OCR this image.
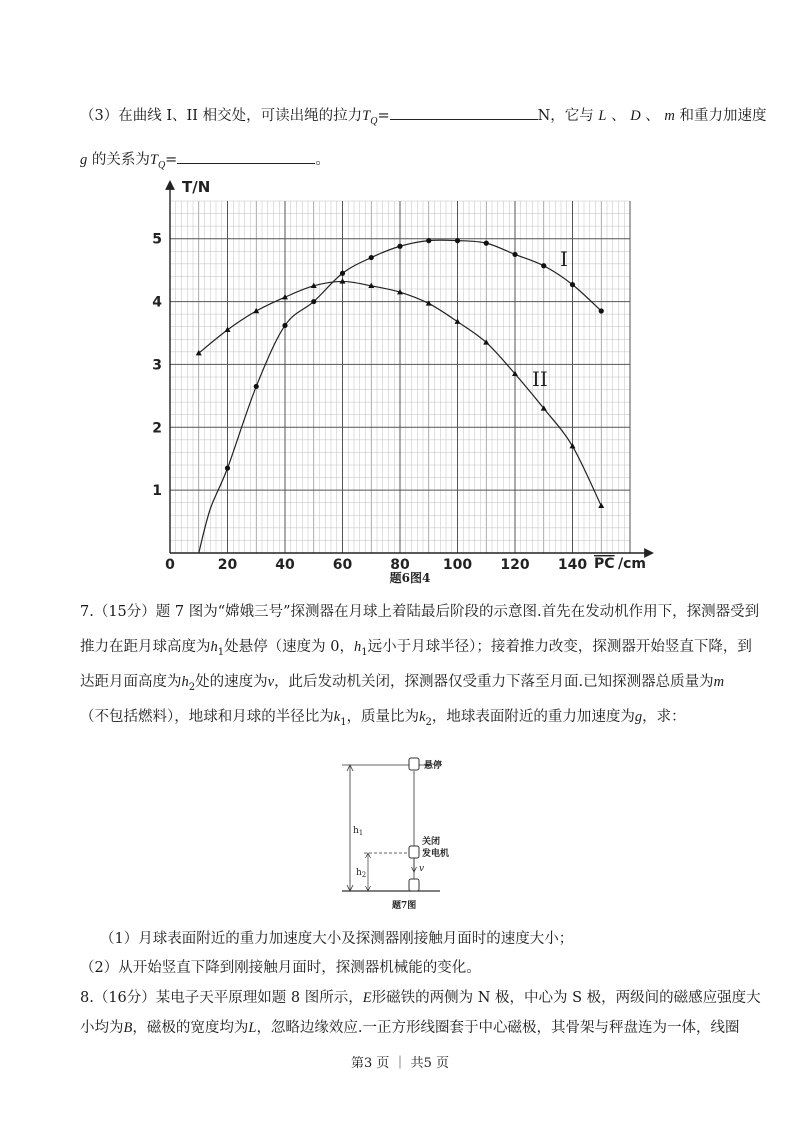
（3）在曲线 I、II 相交处，可读出绳的拉力$T_Q=$	N，它与 L 、 D 、 m 和重力加速度
g 的关系为$T_Q=$	。
0	20	40	60	80 100 120 140
1
2
3
4
5
T/N
PC /cm
题6图4
I
II
7.（15分）题 7 图为“嫦娥三号”探测器在月球上着陆最后阶段的示意图.首先在发动机作用下，探测器受到
推力在距月球高度为$h_1$处悬停（速度为 0，$h_1$远小于月球半径）；接着推力改变，探测器开始竖直下降，到
达距月面高度为$h_2$处的速度为v，此后发动机关闭，探测器仅受重力下落至月面.已知探测器总质量为m
（不包括燃料），地球和月球的半径比为$k_1$，质量比为$k_2$，地球表面附近的重力加速度为g，求：
悬停
关闭
发电机
$h_1$
$h_2$
v
题7图
（1）月球表面附近的重力加速度大小及探测器刚接触月面时的速度大小；
（2）从开始竖直下降到刚接触月面时，探测器机械能的变化。
8.（16分）某电子天平原理如题 8 图所示，E形磁铁的两侧为 N 极，中心为 S 极，两级间的磁感应强度大
小均为B，磁极的宽度均为L，忽略边缘效应.一正方形线圈套于中心磁极，其骨架与秤盘连为一体，线圈
第3 页 ｜ 共5 页
